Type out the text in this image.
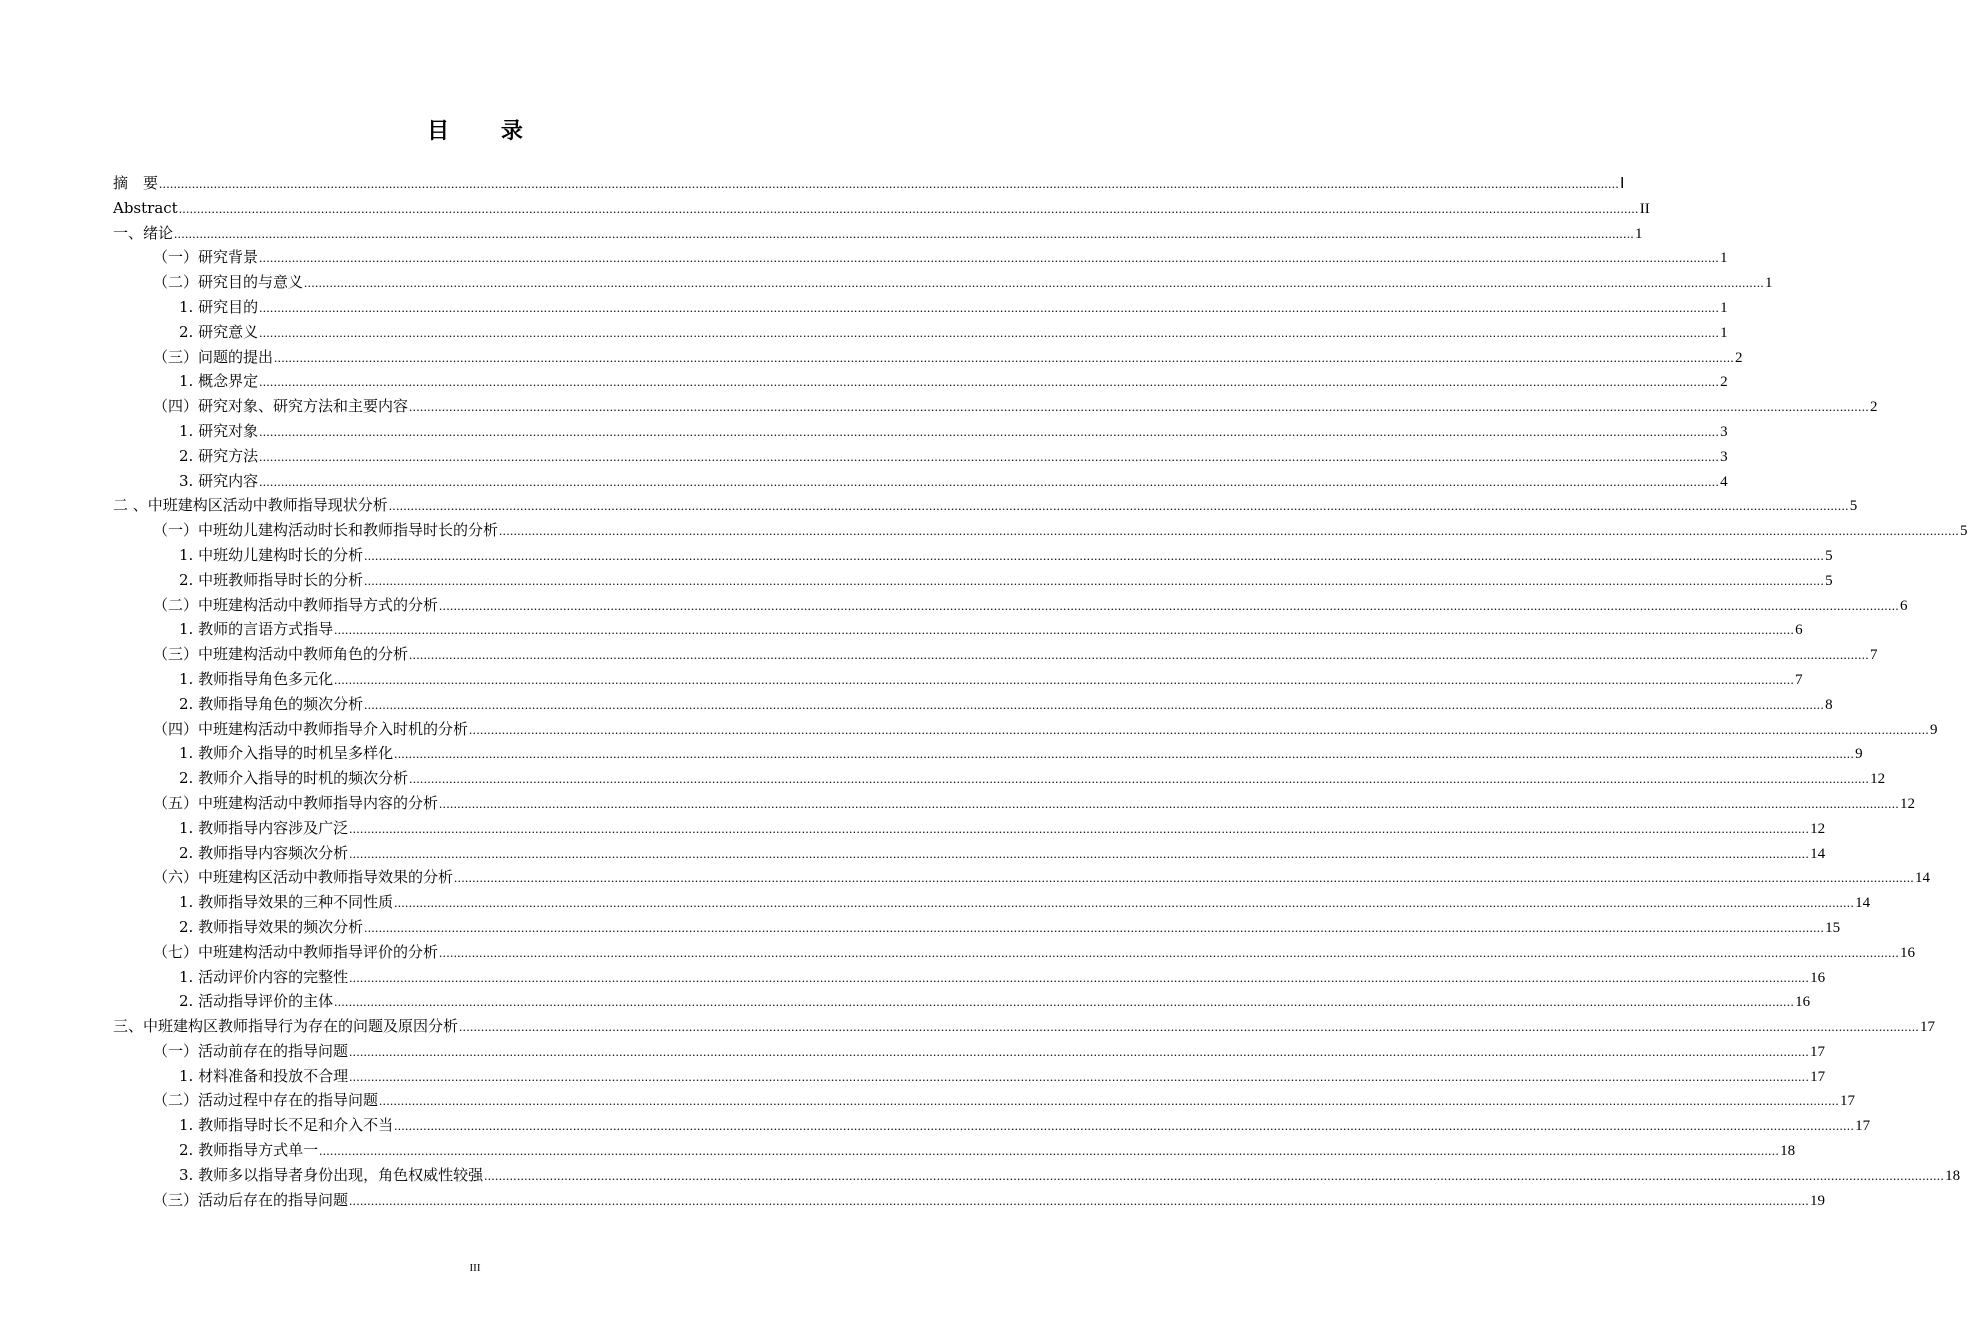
目 录
摘　要 ................................................................................................................................................................................................................................................................................................................................................................................................................ Ⅰ
Abstract ................................................................................................................................................................................................................................................................................................................................................................................................................ II
一、绪论 ................................................................................................................................................................................................................................................................................................................................................................................................................ 1
（一）研究背景 ................................................................................................................................................................................................................................................................................................................................................................................................................ 1
（二）研究目的与意义 ................................................................................................................................................................................................................................................................................................................................................................................................................ 1
1. 研究目的 ................................................................................................................................................................................................................................................................................................................................................................................................................ 1
2. 研究意义 ................................................................................................................................................................................................................................................................................................................................................................................................................ 1
（三）问题的提出 ................................................................................................................................................................................................................................................................................................................................................................................................................ 2
1. 概念界定 ................................................................................................................................................................................................................................................................................................................................................................................................................ 2
（四）研究对象、研究方法和主要内容 ................................................................................................................................................................................................................................................................................................................................................................................................................ 2
1. 研究对象 ................................................................................................................................................................................................................................................................................................................................................................................................................ 3
2. 研究方法 ................................................................................................................................................................................................................................................................................................................................................................................................................ 3
3. 研究内容 ................................................................................................................................................................................................................................................................................................................................................................................................................ 4
二 、中班建构区活动中教师指导现状分析 ................................................................................................................................................................................................................................................................................................................................................................................................................ 5
（一）中班幼儿建构活动时长和教师指导时长的分析 ................................................................................................................................................................................................................................................................................................................................................................................................................ 5
1. 中班幼儿建构时长的分析 ................................................................................................................................................................................................................................................................................................................................................................................................................ 5
2. 中班教师指导时长的分析 ................................................................................................................................................................................................................................................................................................................................................................................................................ 5
（二）中班建构活动中教师指导方式的分析 ................................................................................................................................................................................................................................................................................................................................................................................................................ 6
1. 教师的言语方式指导 ................................................................................................................................................................................................................................................................................................................................................................................................................ 6
（三）中班建构活动中教师角色的分析 ................................................................................................................................................................................................................................................................................................................................................................................................................ 7
1. 教师指导角色多元化 ................................................................................................................................................................................................................................................................................................................................................................................................................ 7
2. 教师指导角色的频次分析 ................................................................................................................................................................................................................................................................................................................................................................................................................ 8
（四）中班建构活动中教师指导介入时机的分析 ................................................................................................................................................................................................................................................................................................................................................................................................................ 9
1. 教师介入指导的时机呈多样化 ................................................................................................................................................................................................................................................................................................................................................................................................................ 9
2. 教师介入指导的时机的频次分析 ................................................................................................................................................................................................................................................................................................................................................................................................................ 12
（五）中班建构活动中教师指导内容的分析 ................................................................................................................................................................................................................................................................................................................................................................................................................ 12
1. 教师指导内容涉及广泛 ................................................................................................................................................................................................................................................................................................................................................................................................................ 12
2. 教师指导内容频次分析 ................................................................................................................................................................................................................................................................................................................................................................................................................ 14
（六）中班建构区活动中教师指导效果的分析 ................................................................................................................................................................................................................................................................................................................................................................................................................ 14
1. 教师指导效果的三种不同性质 ................................................................................................................................................................................................................................................................................................................................................................................................................ 14
2. 教师指导效果的频次分析 ................................................................................................................................................................................................................................................................................................................................................................................................................ 15
（七）中班建构活动中教师指导评价的分析 ................................................................................................................................................................................................................................................................................................................................................................................................................ 16
1. 活动评价内容的完整性 ................................................................................................................................................................................................................................................................................................................................................................................................................ 16
2. 活动指导评价的主体 ................................................................................................................................................................................................................................................................................................................................................................................................................ 16
三、中班建构区教师指导行为存在的问题及原因分析 ................................................................................................................................................................................................................................................................................................................................................................................................................ 17
（一）活动前存在的指导问题 ................................................................................................................................................................................................................................................................................................................................................................................................................ 17
1. 材料准备和投放不合理 ................................................................................................................................................................................................................................................................................................................................................................................................................ 17
（二）活动过程中存在的指导问题 ................................................................................................................................................................................................................................................................................................................................................................................................................ 17
1. 教师指导时长不足和介入不当 ................................................................................................................................................................................................................................................................................................................................................................................................................ 17
2. 教师指导方式单一 ................................................................................................................................................................................................................................................................................................................................................................................................................ 18
3. 教师多以指导者身份出现，角色权威性较强 ................................................................................................................................................................................................................................................................................................................................................................................................................ 18
（三）活动后存在的指导问题 ................................................................................................................................................................................................................................................................................................................................................................................................................ 19
III
